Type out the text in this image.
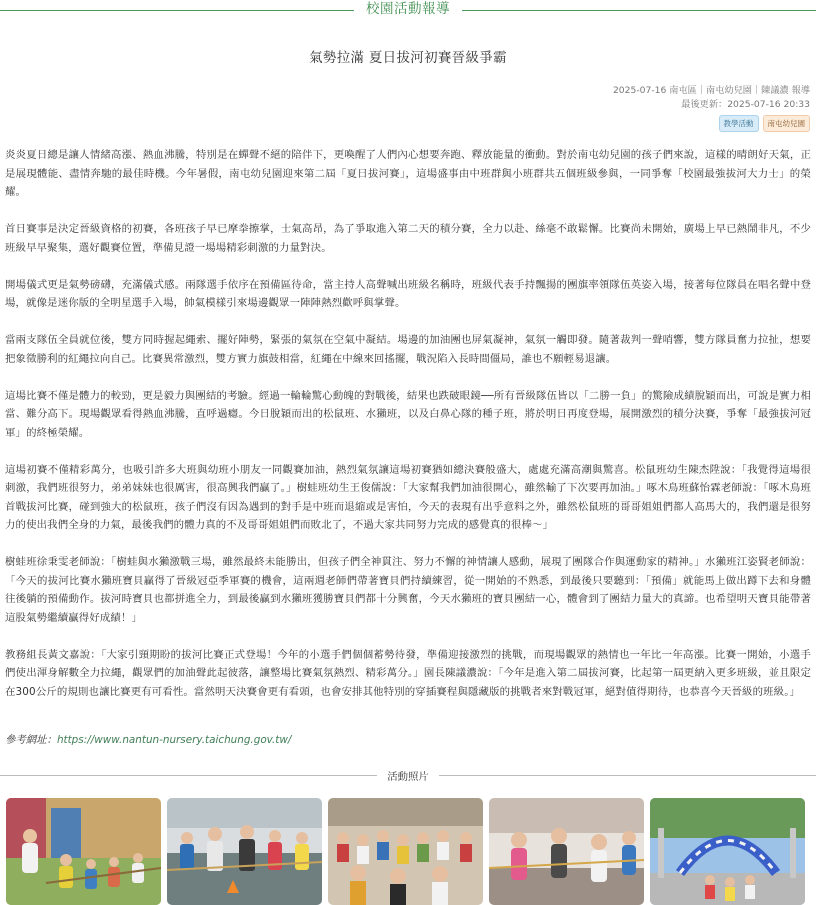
校園活動報導
氣勢拉滿 夏日拔河初賽晉級爭霸
2025-07-16 南屯區｜南屯幼兒園｜陳議濃 報導
最後更新：2025-07-16 20:33
教學活動	南屯幼兒園

炎炎夏日總是讓人情緒高漲、熱血沸騰，特別是在蟬聲不絕的陪伴下，更喚醒了人們內心想要奔跑、釋放能量的衝動。對於南屯幼兒園的孩子們來說，這樣的晴朗好天氣，正是展現體能、盡情奔馳的最佳時機。今年暑假，南屯幼兒園迎來第二屆「夏日拔河賽」，這場盛事由中班群與小班群共五個班級參與，一同爭奪「校園最強拔河大力士」的榮耀。

首日賽事是決定晉級資格的初賽，各班孩子早已摩拳擦掌，士氣高昂，為了爭取進入第二天的積分賽，全力以赴、絲毫不敢鬆懈。比賽尚未開始，廣場上早已熱鬧非凡，不少班級早早聚集，選好觀賽位置，準備見證一場場精彩刺激的力量對決。

開場儀式更是氣勢磅礴，充滿儀式感。兩隊選手依序在預備區待命，當主持人高聲喊出班級名稱時，班級代表手持飄揚的團旗率領隊伍英姿入場，接著每位隊員在唱名聲中登場，就像是迷你版的全明星選手入場，帥氣模樣引來場邊觀眾一陣陣熱烈歡呼與掌聲。

當兩支隊伍全員就位後，雙方同時握起繩索、擺好陣勢，緊張的氣氛在空氣中凝結。場邊的加油團也屏氣凝神，氣氛一觸即發。隨著裁判一聲哨響，雙方隊員奮力拉扯，想要把象徵勝利的紅繩拉向自己。比賽異常激烈，雙方實力旗鼓相當，紅繩在中線來回搖擺，戰況陷入長時間僵局，誰也不願輕易退讓。

這場比賽不僅是體力的較勁，更是毅力與團結的考驗。經過一輪輪驚心動魄的對戰後，結果也跌破眼鏡──所有晉級隊伍皆以「二勝一負」的驚險成績脫穎而出，可說是實力相當、難分高下。現場觀眾看得熱血沸騰，直呼過癮。今日脫穎而出的松鼠班、水獺班，以及白鼻心隊的種子班，將於明日再度登場，展開激烈的積分決賽，爭奪「最強拔河冠軍」的終極榮耀。

這場初賽不僅精彩萬分，也吸引許多大班與幼班小朋友一同觀賽加油，熱烈氣氛讓這場初賽猶如總決賽般盛大，處處充滿高潮與驚喜。松鼠班幼生陳杰陞說：「我覺得這場很刺激，我們班很努力，弟弟妹妹也很厲害，很高興我們贏了。」樹蛙班幼生王俊儒說：「大家幫我們加油很開心，雖然輸了下次要再加油。」啄木鳥班蘇怡霖老師說：「啄木鳥班首戰拔河比賽，碰到強大的松鼠班，孩子們沒有因為遇到的對手是中班而退縮或是害怕，今天的表現有出乎意料之外，雖然松鼠班的哥哥姐姐們都人高馬大的，我們還是很努力的使出我們全身的力氣，最後我們的體力真的不及哥哥姐姐們而敗北了，不過大家共同努力完成的感覺真的很棒～」

樹蛙班徐秉雯老師說：「樹蛙與水獺激戰三場，雖然最終未能勝出，但孩子們全神貫注、努力不懈的神情讓人感動，展現了團隊合作與運動家的精神。」水獺班江姿賢老師說：「今天的拔河比賽水獺班寶貝贏得了晉級冠亞季軍賽的機會，這兩週老師們帶著寶貝們持續練習，從一開始的不熟悉，到最後只要聽到：「預備」就能馬上做出蹲下去和身體往後躺的預備動作。拔河時寶貝也都拼進全力，到最後贏到水獺班獲勝寶貝們都十分興奮，今天水獺班的寶貝團結一心，體會到了團結力量大的真諦。也希望明天寶貝能帶著這股氣勢繼續贏得好成績！」

教務組長黃文嘉說：「大家引頸期盼的拔河比賽正式登場！今年的小選手們個個蓄勢待發，準備迎接激烈的挑戰，而現場觀眾的熱情也一年比一年高漲。比賽一開始，小選手們使出渾身解數全力拉繩，觀眾們的加油聲此起彼落，讓整場比賽氣氛熱烈、精彩萬分。」園長陳議濃說：「今年是進入第二屆拔河賽，比起第一屆更納入更多班級，並且限定在300公斤的規則也讓比賽更有可看性。當然明天決賽會更有看頭，也會安排其他特別的穿插賽程與隱藏版的挑戰者來對戰冠軍，絕對值得期待，也恭喜今天晉級的班級。」

參考網址：https://www.nantun-nursery.taichung.gov.tw/
活動照片
